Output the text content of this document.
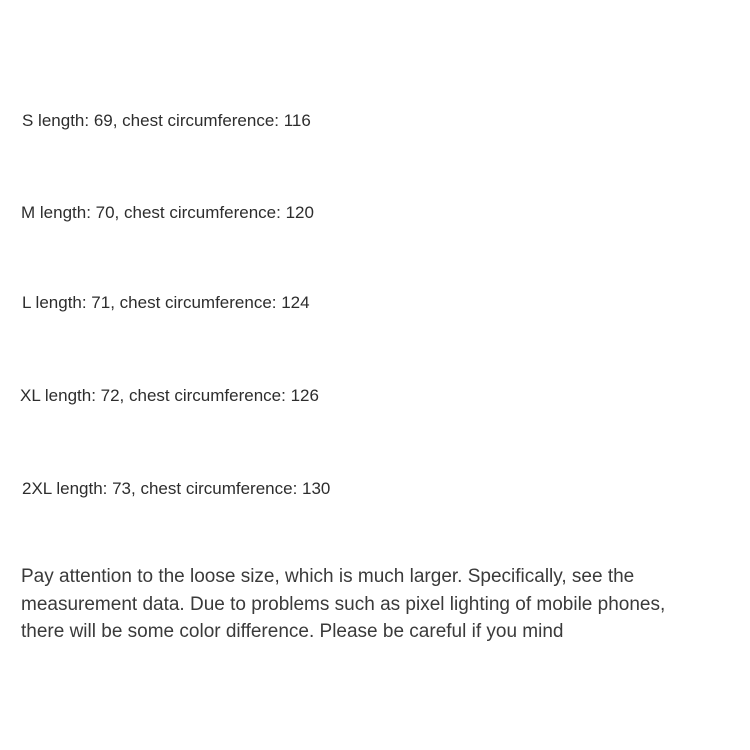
S length: 69, chest circumference: 116
M length: 70, chest circumference: 120
L length: 71, chest circumference: 124
XL length: 72, chest circumference: 126
2XL length: 73, chest circumference: 130
Pay attention to the loose size, which is much larger. Specifically, see the
measurement data. Due to problems such as pixel lighting of mobile phones,
there will be some color difference. Please be careful if you mind
